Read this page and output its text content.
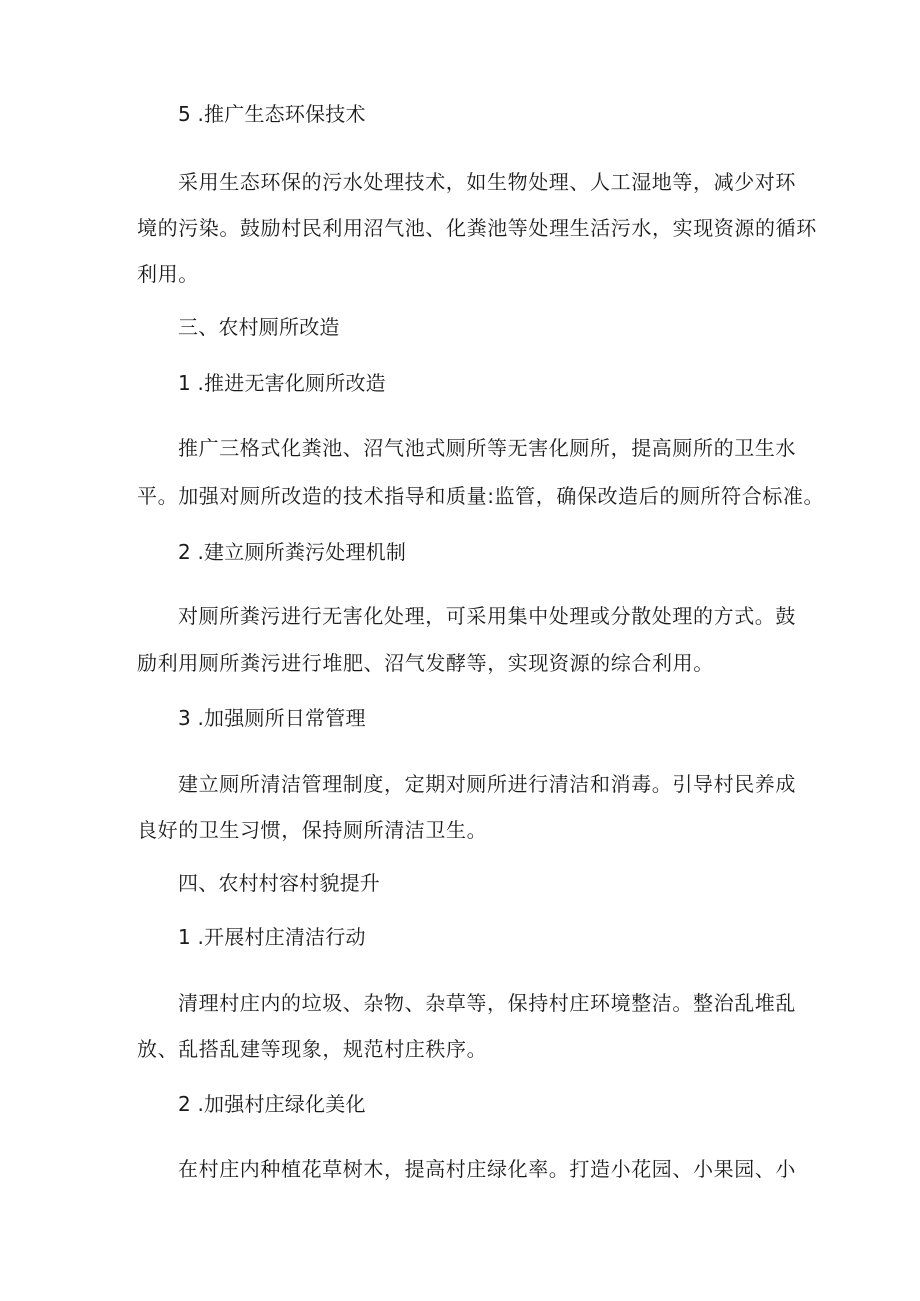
5 .推广生态环保技术
采用生态环保的污水处理技术，如生物处理、人工湿地等，减少对环
境的污染。鼓励村民利用沼气池、化粪池等处理生活污水，实现资源的循环
利用。
三、农村厕所改造
1 .推进无害化厕所改造
推广三格式化粪池、沼气池式厕所等无害化厕所，提高厕所的卫生水
平。加强对厕所改造的技术指导和质量:监管，确保改造后的厕所符合标准。
2 .建立厕所粪污处理机制
对厕所粪污进行无害化处理，可采用集中处理或分散处理的方式。鼓
励利用厕所粪污进行堆肥、沼气发酵等，实现资源的综合利用。
3 .加强厕所日常管理
建立厕所清洁管理制度，定期对厕所进行清洁和消毒。引导村民养成
良好的卫生习惯，保持厕所清洁卫生。
四、农村村容村貌提升
1 .开展村庄清洁行动
清理村庄内的垃圾、杂物、杂草等，保持村庄环境整洁。整治乱堆乱
放、乱搭乱建等现象，规范村庄秩序。
2 .加强村庄绿化美化
在村庄内种植花草树木，提高村庄绿化率。打造小花园、小果园、小
